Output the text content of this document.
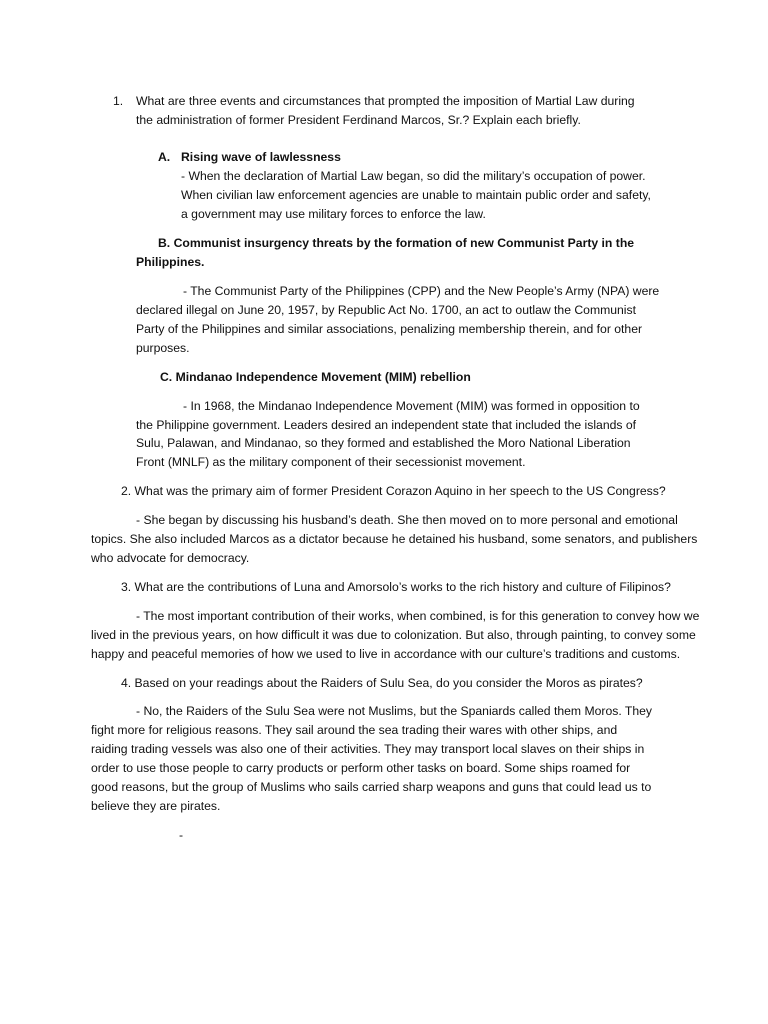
1. What are three events and circumstances that prompted the imposition of Martial Law during
the administration of former President Ferdinand Marcos, Sr.? Explain each briefly.
A. Rising wave of lawlessness
- When the declaration of Martial Law began, so did the military’s occupation of power.
When civilian law enforcement agencies are unable to maintain public order and safety,
a government may use military forces to enforce the law.
B. Communist insurgency threats by the formation of new Communist Party in the
Philippines.
- The Communist Party of the Philippines (CPP) and the New People’s Army (NPA) were
declared illegal on June 20, 1957, by Republic Act No. 1700, an act to outlaw the Communist
Party of the Philippines and similar associations, penalizing membership therein, and for other
purposes.
C. Mindanao Independence Movement (MIM) rebellion
- In 1968, the Mindanao Independence Movement (MIM) was formed in opposition to
the Philippine government. Leaders desired an independent state that included the islands of
Sulu, Palawan, and Mindanao, so they formed and established the Moro National Liberation
Front (MNLF) as the military component of their secessionist movement.
2. What was the primary aim of former President Corazon Aquino in her speech to the US Congress?
- She began by discussing his husband’s death. She then moved on to more personal and emotional
topics. She also included Marcos as a dictator because he detained his husband, some senators, and publishers
who advocate for democracy.
3. What are the contributions of Luna and Amorsolo’s works to the rich history and culture of Filipinos?
- The most important contribution of their works, when combined, is for this generation to convey how we
lived in the previous years, on how difficult it was due to colonization. But also, through painting, to convey some
happy and peaceful memories of how we used to live in accordance with our culture’s traditions and customs.
4. Based on your readings about the Raiders of Sulu Sea, do you consider the Moros as pirates?
- No, the Raiders of the Sulu Sea were not Muslims, but the Spaniards called them Moros. They
fight more for religious reasons. They sail around the sea trading their wares with other ships, and
raiding trading vessels was also one of their activities. They may transport local slaves on their ships in
order to use those people to carry products or perform other tasks on board. Some ships roamed for
good reasons, but the group of Muslims who sails carried sharp weapons and guns that could lead us to
believe they are pirates.
-
